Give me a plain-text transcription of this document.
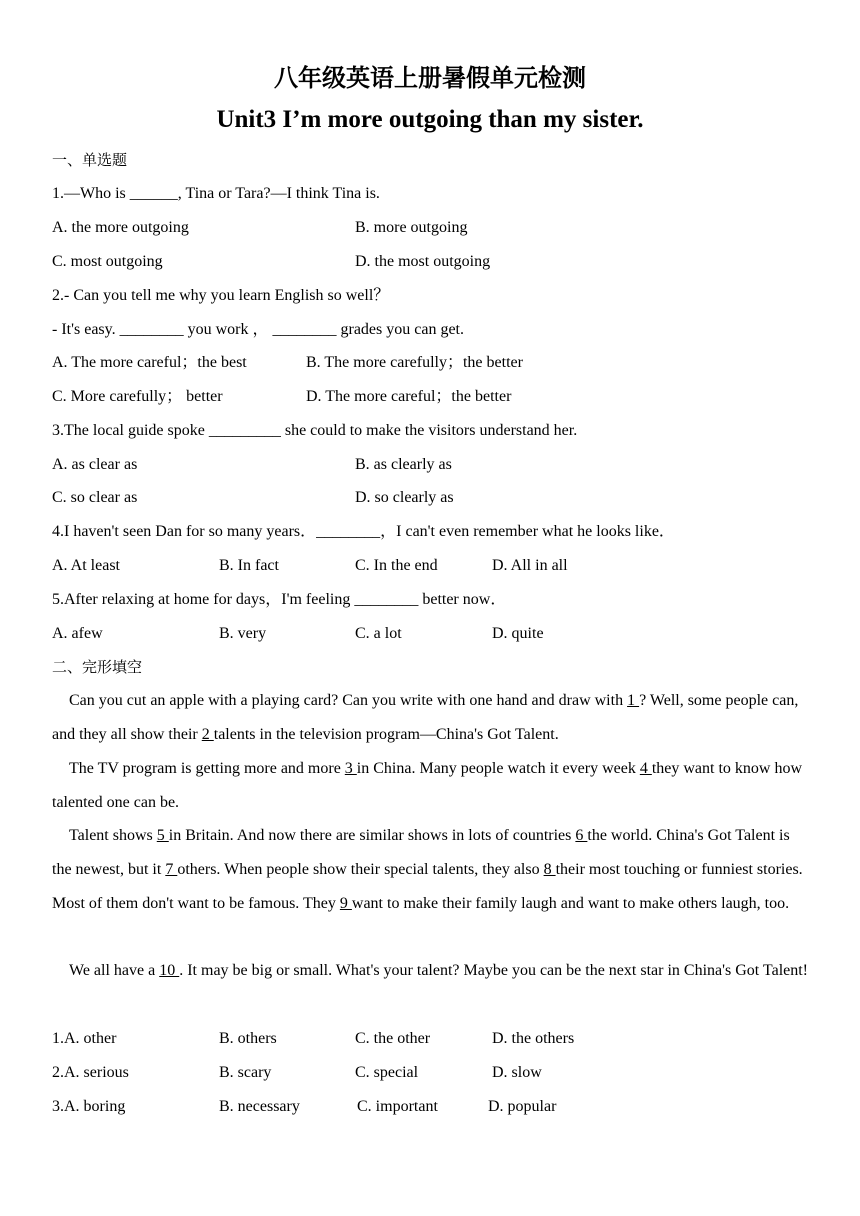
八年级英语上册暑假单元检测
Unit3 I’m more outgoing than my sister.
一、单选题
1.—Who is ______, Tina or Tara?—I think Tina is.
A. the more outgoing	B. more outgoing
C. most outgoing	D. the most outgoing
2.- Can you tell me why you learn English so well？
- It's easy. ________ you work ， ________ grades you can get.
A. The more careful；the best	B. The more carefully；the better
C. More carefully； better	D. The more careful；the better
3.The local guide spoke _________ she could to make the visitors understand her.
A. as clear as	B. as clearly as
C. so clear as	D. so clearly as
4.I haven't seen Dan for so many years．________，I can't even remember what he looks like．
A. At least	B. In fact	C. In the end	D. All in all
5.After relaxing at home for days，I'm feeling ________ better now．
A. afew	B. very	C. a lot	D. quite
二、完形填空
Can you cut an apple with a playing card? Can you write with one hand and draw with 1 ? Well, some people can, and they all show their 2 talents in the television program—China's Got Talent.
The TV program is getting more and more 3 in China. Many people watch it every week 4 they want to know how talented one can be.
Talent shows 5 in Britain. And now there are similar shows in lots of countries 6 the world. China's Got Talent is the newest, but it 7 others. When people show their special talents, they also 8 their most touching or funniest stories. Most of them don't want to be famous. They 9 want to make their family laugh and want to make others laugh, too.
We all have a 10 . It may be big or small. What's your talent? Maybe you can be the next star in China's Got Talent!
1.A. other	B. others	C. the other	D. the others
2.A. serious	B. scary	C. special	D. slow
3.A. boring	B. necessary	C. important	D. popular
